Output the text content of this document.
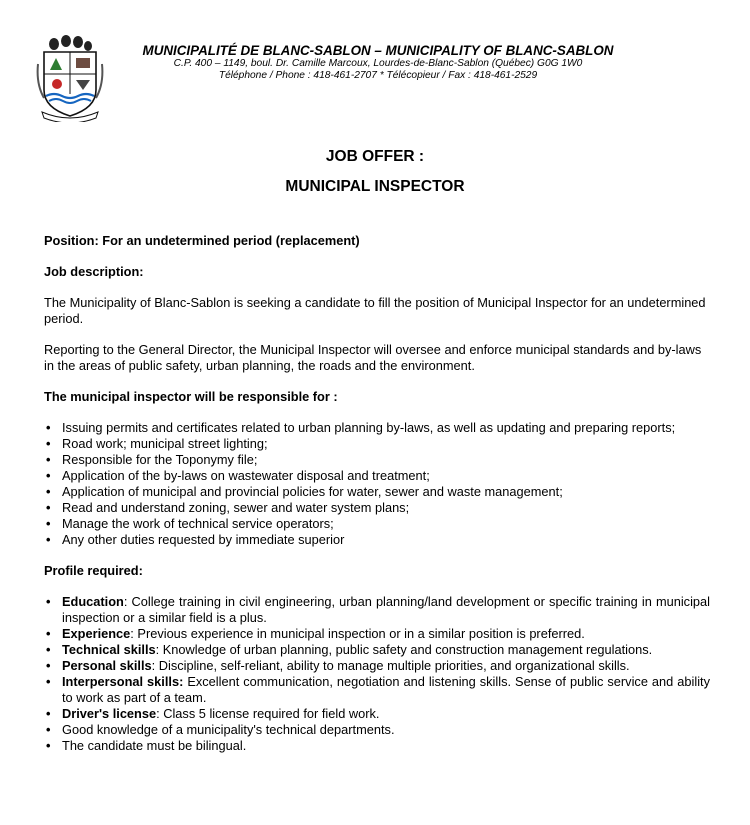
MUNICIPALITÉ DE BLANC-SABLON – MUNICIPALITY OF BLANC-SABLON
C.P. 400 – 1149, boul. Dr. Camille Marcoux, Lourdes-de-Blanc-Sablon (Québec) G0G 1W0
Téléphone / Phone : 418-461-2707 * Télécopieur / Fax : 418-461-2529
JOB OFFER :
MUNICIPAL INSPECTOR

Position: For an undetermined period (replacement)

Job description:

The Municipality of Blanc-Sablon is seeking a candidate to fill the position of Municipal Inspector for an undetermined period.

Reporting to the General Director, the Municipal Inspector will oversee and enforce municipal standards and by-laws in the areas of public safety, urban planning, the roads and the environment.

The municipal inspector will be responsible for :

• Issuing permits and certificates related to urban planning by-laws, as well as updating and preparing reports;
• Road work; municipal street lighting;
• Responsible for the Toponymy file;
• Application of the by-laws on wastewater disposal and treatment;
• Application of municipal and provincial policies for water, sewer and waste management;
• Read and understand zoning, sewer and water system plans;
• Manage the work of technical service operators;
• Any other duties requested by immediate superior

Profile required:

• Education: College training in civil engineering, urban planning/land development or specific training in municipal inspection or a similar field is a plus.
• Experience: Previous experience in municipal inspection or in a similar position is preferred.
• Technical skills: Knowledge of urban planning, public safety and construction management regulations.
• Personal skills: Discipline, self-reliant, ability to manage multiple priorities, and organizational skills.
• Interpersonal skills: Excellent communication, negotiation and listening skills. Sense of public service and ability to work as part of a team.
• Driver's license: Class 5 license required for field work.
• Good knowledge of a municipality's technical departments.
• The candidate must be bilingual.
